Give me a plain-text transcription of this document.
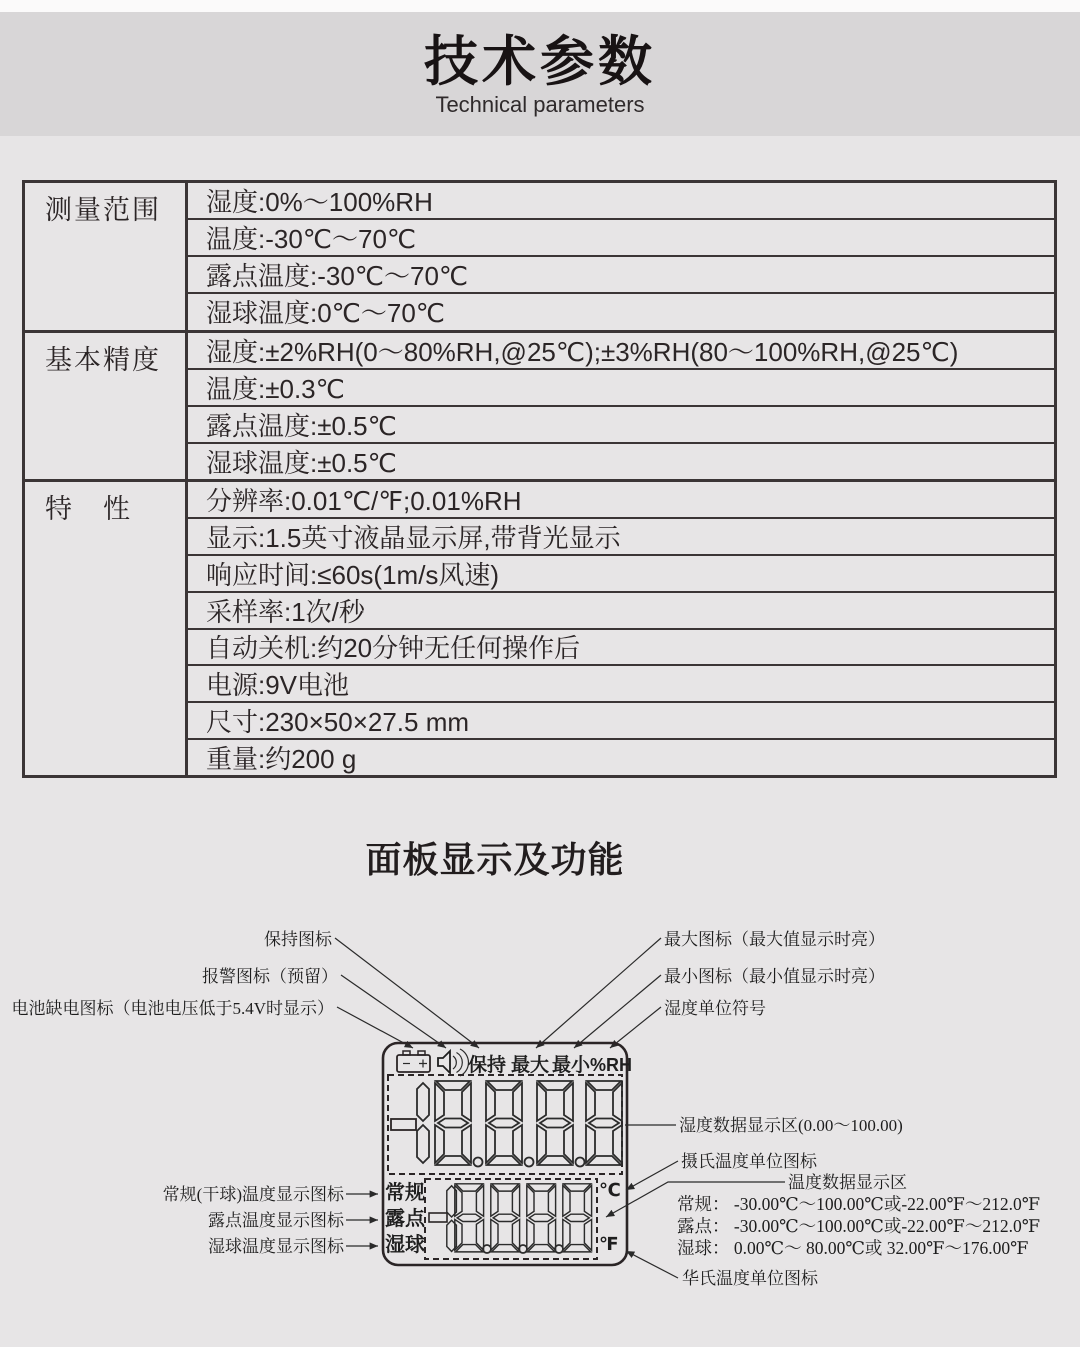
技术参数
Technical parameters
测量范围	湿度:0%～100%RH
温度:-30℃～70℃
露点温度:-30℃～70℃
湿球温度:0℃～70℃
基本精度	湿度:±2%RH(0～80%RH,@25℃);±3%RH(80～100%RH,@25℃)
温度:±0.3℃
露点温度:±0.5℃
湿球温度:±0.5℃
特　性	分辨率:0.01℃/℉;0.01%RH
显示:1.5英寸液晶显示屏,带背光显示
响应时间:≤60s(1m/s风速)
采样率:1次/秒
自动关机:约20分钟无任何操作后
电源:9V电池
尺寸:230×50×27.5 mm
重量:约200 g
面板显示及功能
保持图标
报警图标（预留）
电池缺电图标（电池电压低于5.4V时显示）
最大图标（最大值显示时亮）
最小图标（最小值显示时亮）
湿度单位符号
保持 最大 最小 %RH
常规
露点
湿球
℃
℉
常规(干球)温度显示图标
露点温度显示图标
湿球温度显示图标
湿度数据显示区(0.00～100.00)
摄氏温度单位图标
温度数据显示区
常规： -30.00℃～100.00℃或-22.00℉～212.0℉
露点： -30.00℃～100.00℃或-22.00℉～212.0℉
湿球： 0.00℃～ 80.00℃或 32.00℉～176.00℉
华氏温度单位图标
